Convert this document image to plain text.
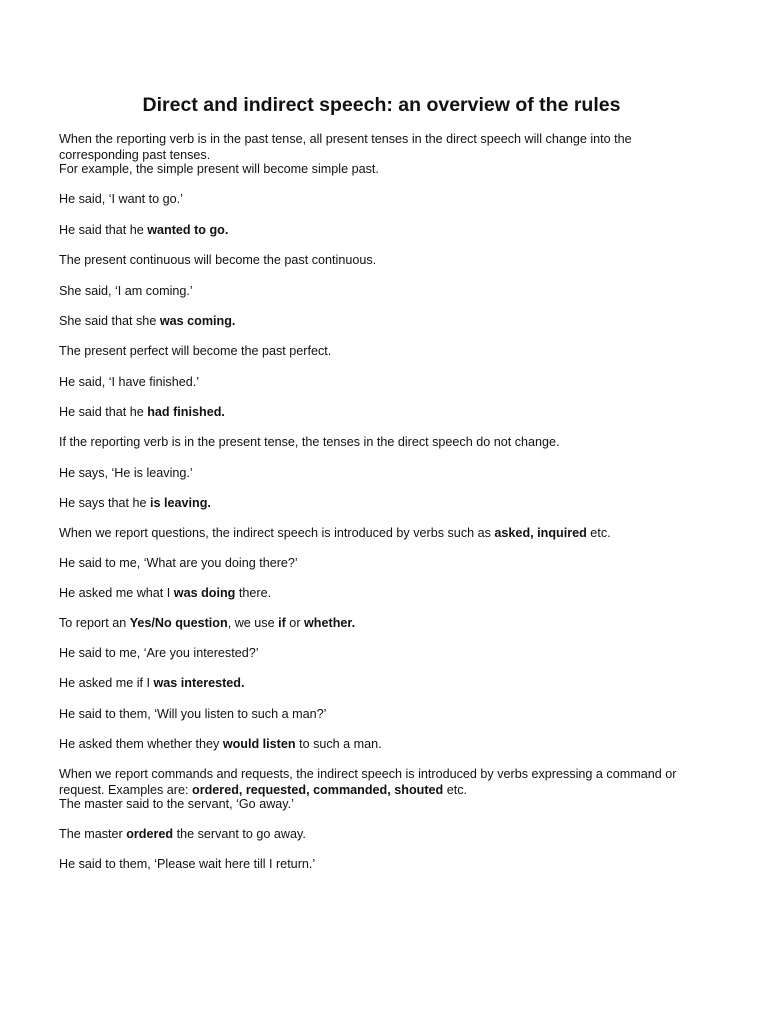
Direct and indirect speech: an overview of the rules

When the reporting verb is in the past tense, all present tenses in the direct speech will change into the corresponding past tenses.

For example, the simple present will become simple past.

He said, ‘I want to go.’

He said that he wanted to go.

The present continuous will become the past continuous.

She said, ‘I am coming.’

She said that she was coming.

The present perfect will become the past perfect.

He said, ‘I have finished.’

He said that he had finished.

If the reporting verb is in the present tense, the tenses in the direct speech do not change.

He says, ‘He is leaving.’

He says that he is leaving.

When we report questions, the indirect speech is introduced by verbs such as asked, inquired etc.

He said to me, ‘What are you doing there?’

He asked me what I was doing there.

To report an Yes/No question, we use if or whether.

He said to me, ‘Are you interested?’

He asked me if I was interested.

He said to them, ‘Will you listen to such a man?’

He asked them whether they would listen to such a man.

When we report commands and requests, the indirect speech is introduced by verbs expressing a command or request. Examples are: ordered, requested, commanded, shouted etc.

The master said to the servant, ‘Go away.’

The master ordered the servant to go away.

He said to them, ‘Please wait here till I return.’
